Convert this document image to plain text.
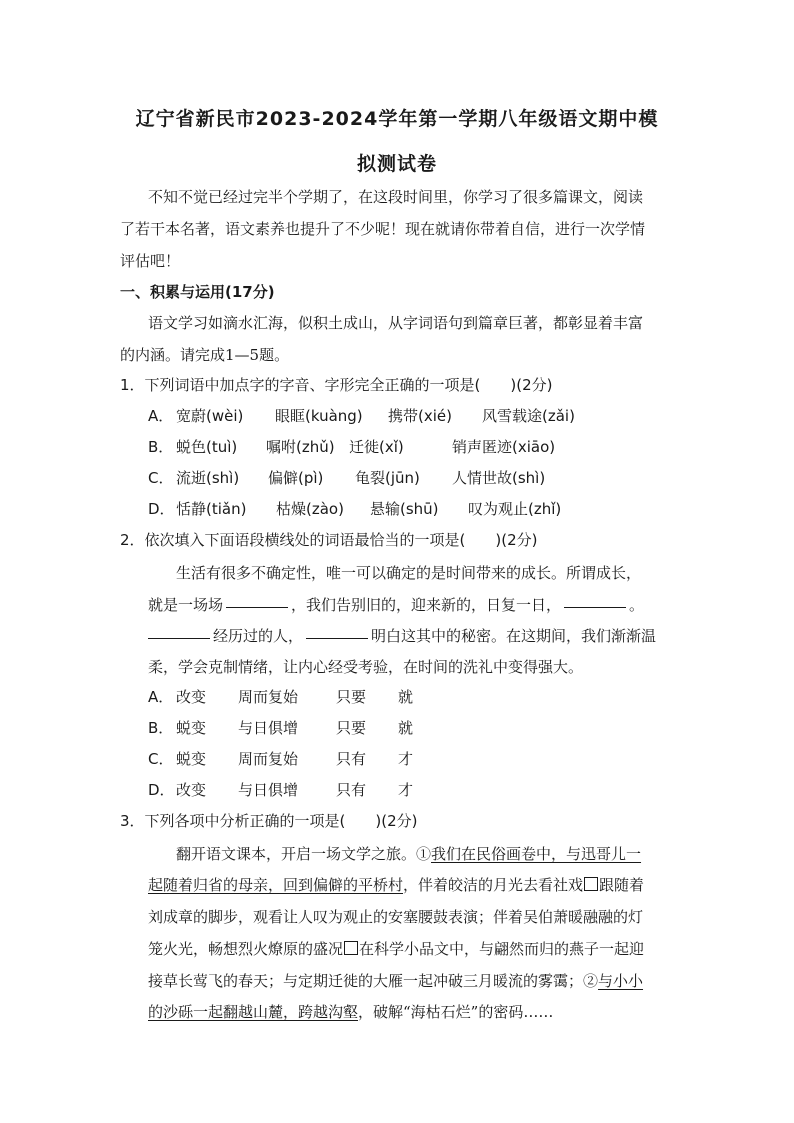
辽宁省新民市2023-2024学年第一学期八年级语文期中模
拟测试卷
不知不觉已经过完半个学期了，在这段时间里，你学习了很多篇课文，阅读
了若干本名著，语文素养也提升了不少呢！现在就请你带着自信，进行一次学情
评估吧！
一、积累与运用(17分)
语文学习如滴水汇海，似积土成山，从字词语句到篇章巨著，都彰显着丰富
的内涵。请完成1—5题。
1．下列词语中加点字的字音、字形完全正确的一项是(　　)(2分)
A． 宽蔚(wèi) 眼眶(kuàng) 携带(xié) 风雪载途(zǎi)
B． 蜕色(tuì) 嘱咐(zhǔ) 迁徙(xǐ)	销声匿迹(xiāo)
C． 流逝(shì) 偏僻(pì) 龟裂(jūn) 人情世故(shì)
D． 恬静(tiǎn) 枯燥(zào) 悬输(shū) 叹为观止(zhǐ)
2．依次填入下面语段横线处的词语最恰当的一项是(　　)(2分)
生活有很多不确定性，唯一可以确定的是时间带来的成长。所谓成长，
就是一场场	，我们告别旧的，迎来新的，日复一日，	。
经历过的人，	明白这其中的秘密。在这期间，我们渐渐温
柔，学会克制情绪，让内心经受考验，在时间的洗礼中变得强大。
A． 改变 周而复始	只要 就
B． 蜕变 与日俱增	只要 就
C． 蜕变 周而复始	只有 才
D． 改变 与日俱增	只有 才
3．下列各项中分析正确的一项是(　　)(2分)
翻开语文课本，开启一场文学之旅。①我们在民俗画卷中，与迅哥儿一
起随着归省的母亲，回到偏僻的平桥村，伴着皎洁的月光去看社戏 跟随着
刘成章的脚步，观看让人叹为观止的安塞腰鼓表演；伴着吴伯萧暖融融的灯
笼火光，畅想烈火燎原的盛况 在科学小品文中，与翩然而归的燕子一起迎
接草长莺飞的春天；与定期迁徙的大雁一起冲破三月暖流的雾霭；②与小小
的沙砾一起翻越山麓，跨越沟壑，破解“海枯石烂”的密码……
